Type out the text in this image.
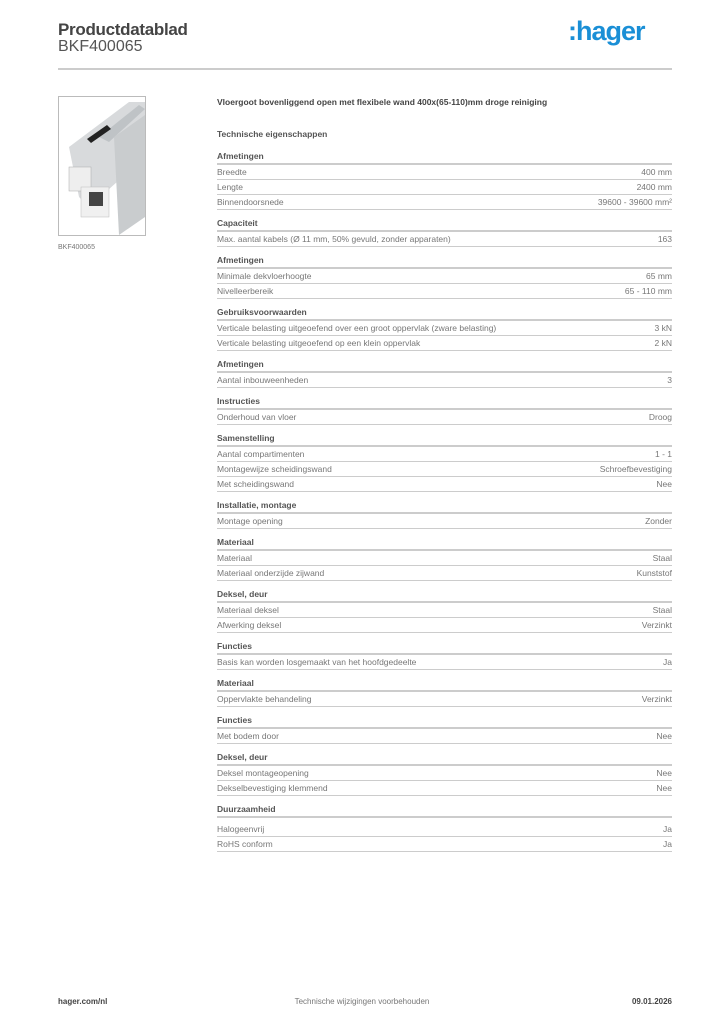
Productdatablad
BKF400065
:hager
BKF400065
Vloergoot bovenliggend open met flexibele wand 400x(65-110)mm droge reiniging
Technische eigenschappen
Afmetingen
Breedte	400 mm
Lengte	2400 mm
Binnendoorsnede	39600 - 39600 mm²
Capaciteit
Max. aantal kabels (Ø 11 mm, 50% gevuld, zonder apparaten)	163
Afmetingen
Minimale dekvloerhoogte	65 mm
Nivelleerbereik	65 - 110 mm
Gebruiksvoorwaarden
Verticale belasting uitgeoefend over een groot oppervlak (zware belasting)	3 kN
Verticale belasting uitgeoefend op een klein oppervlak	2 kN
Afmetingen
Aantal inbouweenheden	3
Instructies
Onderhoud van vloer	Droog
Samenstelling
Aantal compartimenten	1 - 1
Montagewijze scheidingswand	Schroefbevestiging
Met scheidingswand	Nee
Installatie, montage
Montage opening	Zonder
Materiaal
Materiaal	Staal
Materiaal onderzijde zijwand	Kunststof
Deksel, deur
Materiaal deksel	Staal
Afwerking deksel	Verzinkt
Functies
Basis kan worden losgemaakt van het hoofdgedeelte	Ja
Materiaal
Oppervlakte behandeling	Verzinkt
Functies
Met bodem door	Nee
Deksel, deur
Deksel montageopening	Nee
Dekselbevestiging klemmend	Nee
Duurzaamheid
Halogeenvrij	Ja
RoHS conform	Ja
Technische wijzigingen voorbehouden
hager.com/nl	09.01.2026
